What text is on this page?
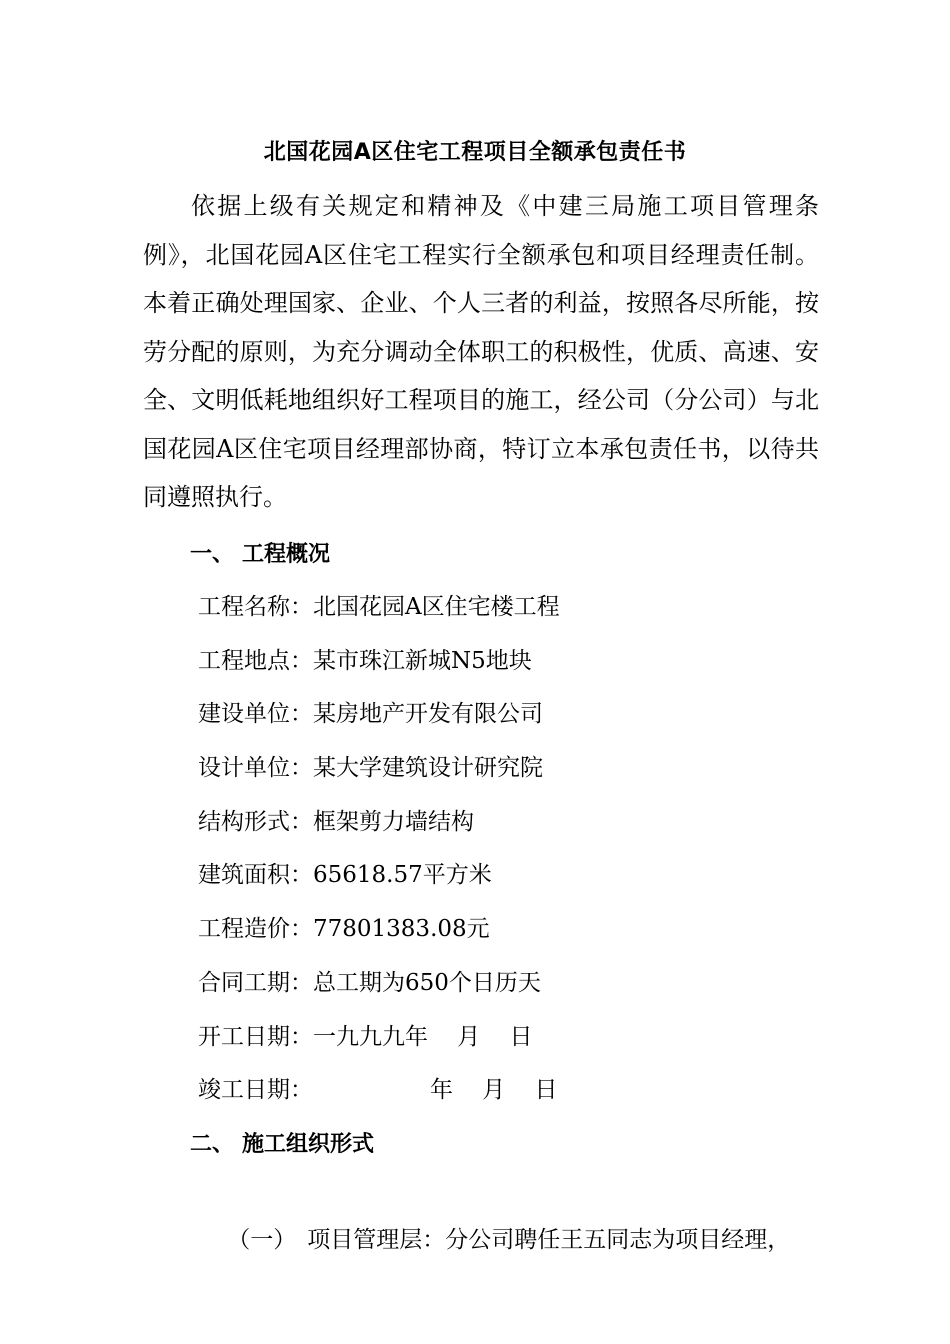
北国花园A区住宅工程项目全额承包责任书

依据上级有关规定和精神及《中建三局施工项目管理条例》，北国花园A区住宅工程实行全额承包和项目经理责任制。本着正确处理国家、企业、个人三者的利益，按照各尽所能，按劳分配的原则，为充分调动全体职工的积极性，优质、高速、安全、文明低耗地组织好工程项目的施工，经公司（分公司）与北国花园A区住宅项目经理部协商，特订立本承包责任书，以待共同遵照执行。

一、 工程概况
工程名称：北国花园A区住宅楼工程
工程地点：某市珠江新城N5地块
建设单位：某房地产开发有限公司
设计单位：某大学建筑设计研究院
结构形式：框架剪力墙结构
建筑面积：65618.57平方米
工程造价：77801383.08元
合同工期：总工期为650个日历天
开工日期：一九九九年    月    日
竣工日期：                年    月    日
二、 施工组织形式

（一） 项目管理层：分公司聘任王五同志为项目经理，
